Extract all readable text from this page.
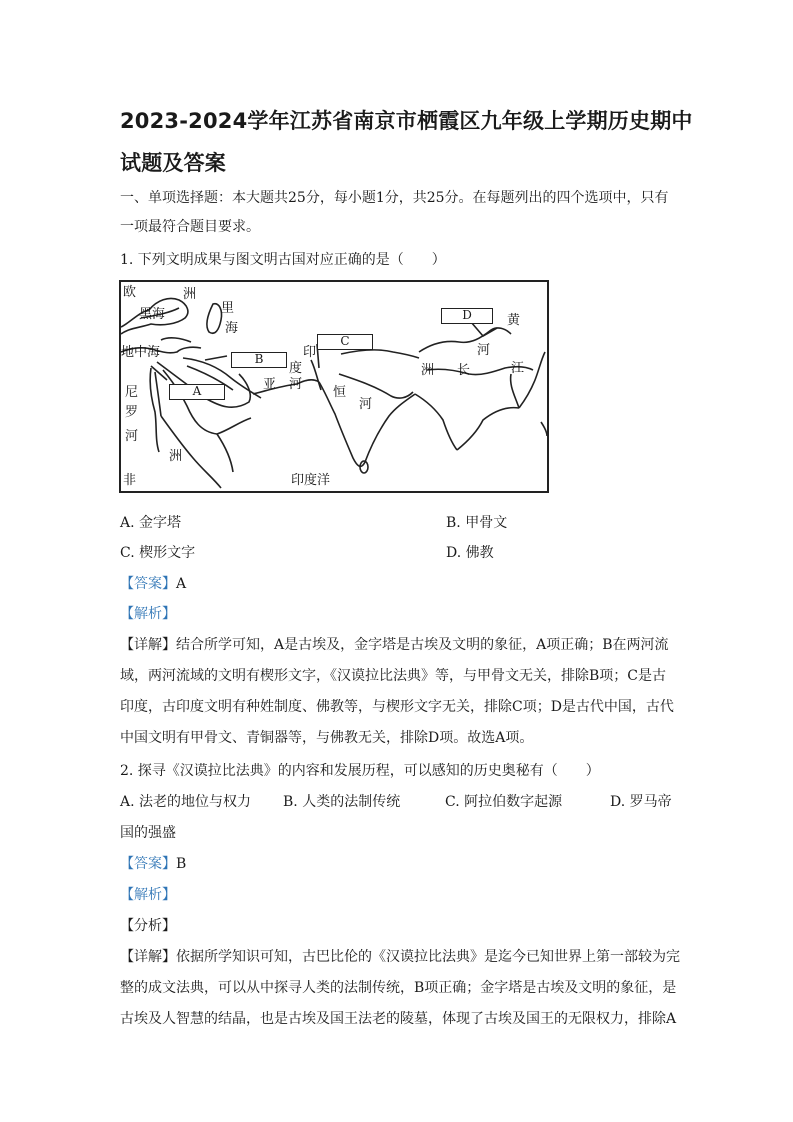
2023-2024学年江苏省南京市栖霞区九年级上学期历史期中
试题及答案
一、单项选择题：本大题共25分，每小题1分，共25分。在每题列出的四个选项中，只有
一项最符合题目要求。
1. 下列文明成果与图文明古国对应正确的是（　　）
欧	洲
黑海	里
海
地中海	印
度
河
亚
恒
河
黄
河
洲 长	江
尼
罗
河
洲
非	印度洋
A
B
C
D
A. 金字塔	B. 甲骨文
C. 楔形文字	D. 佛教
【答案】A
【解析】
【详解】结合所学可知，A是古埃及，金字塔是古埃及文明的象征，A项正确；B在两河流
域，两河流域的文明有楔形文字，《汉谟拉比法典》等，与甲骨文无关，排除B项；C是古
印度，古印度文明有种姓制度、佛教等，与楔形文字无关，排除C项；D是古代中国，古代
中国文明有甲骨文、青铜器等，与佛教无关，排除D项。故选A项。
2. 探寻《汉谟拉比法典》的内容和发展历程，可以感知的历史奥秘有（　　）
A. 法老的地位与权力 B. 人类的法制传统	C. 阿拉伯数字起源	D. 罗马帝
国的强盛
【答案】B
【解析】
【分析】
【详解】依据所学知识可知，古巴比伦的《汉谟拉比法典》是迄今已知世界上第一部较为完
整的成文法典，可以从中探寻人类的法制传统，B项正确；金字塔是古埃及文明的象征，是
古埃及人智慧的结晶，也是古埃及国王法老的陵墓，体现了古埃及国王的无限权力，排除A
